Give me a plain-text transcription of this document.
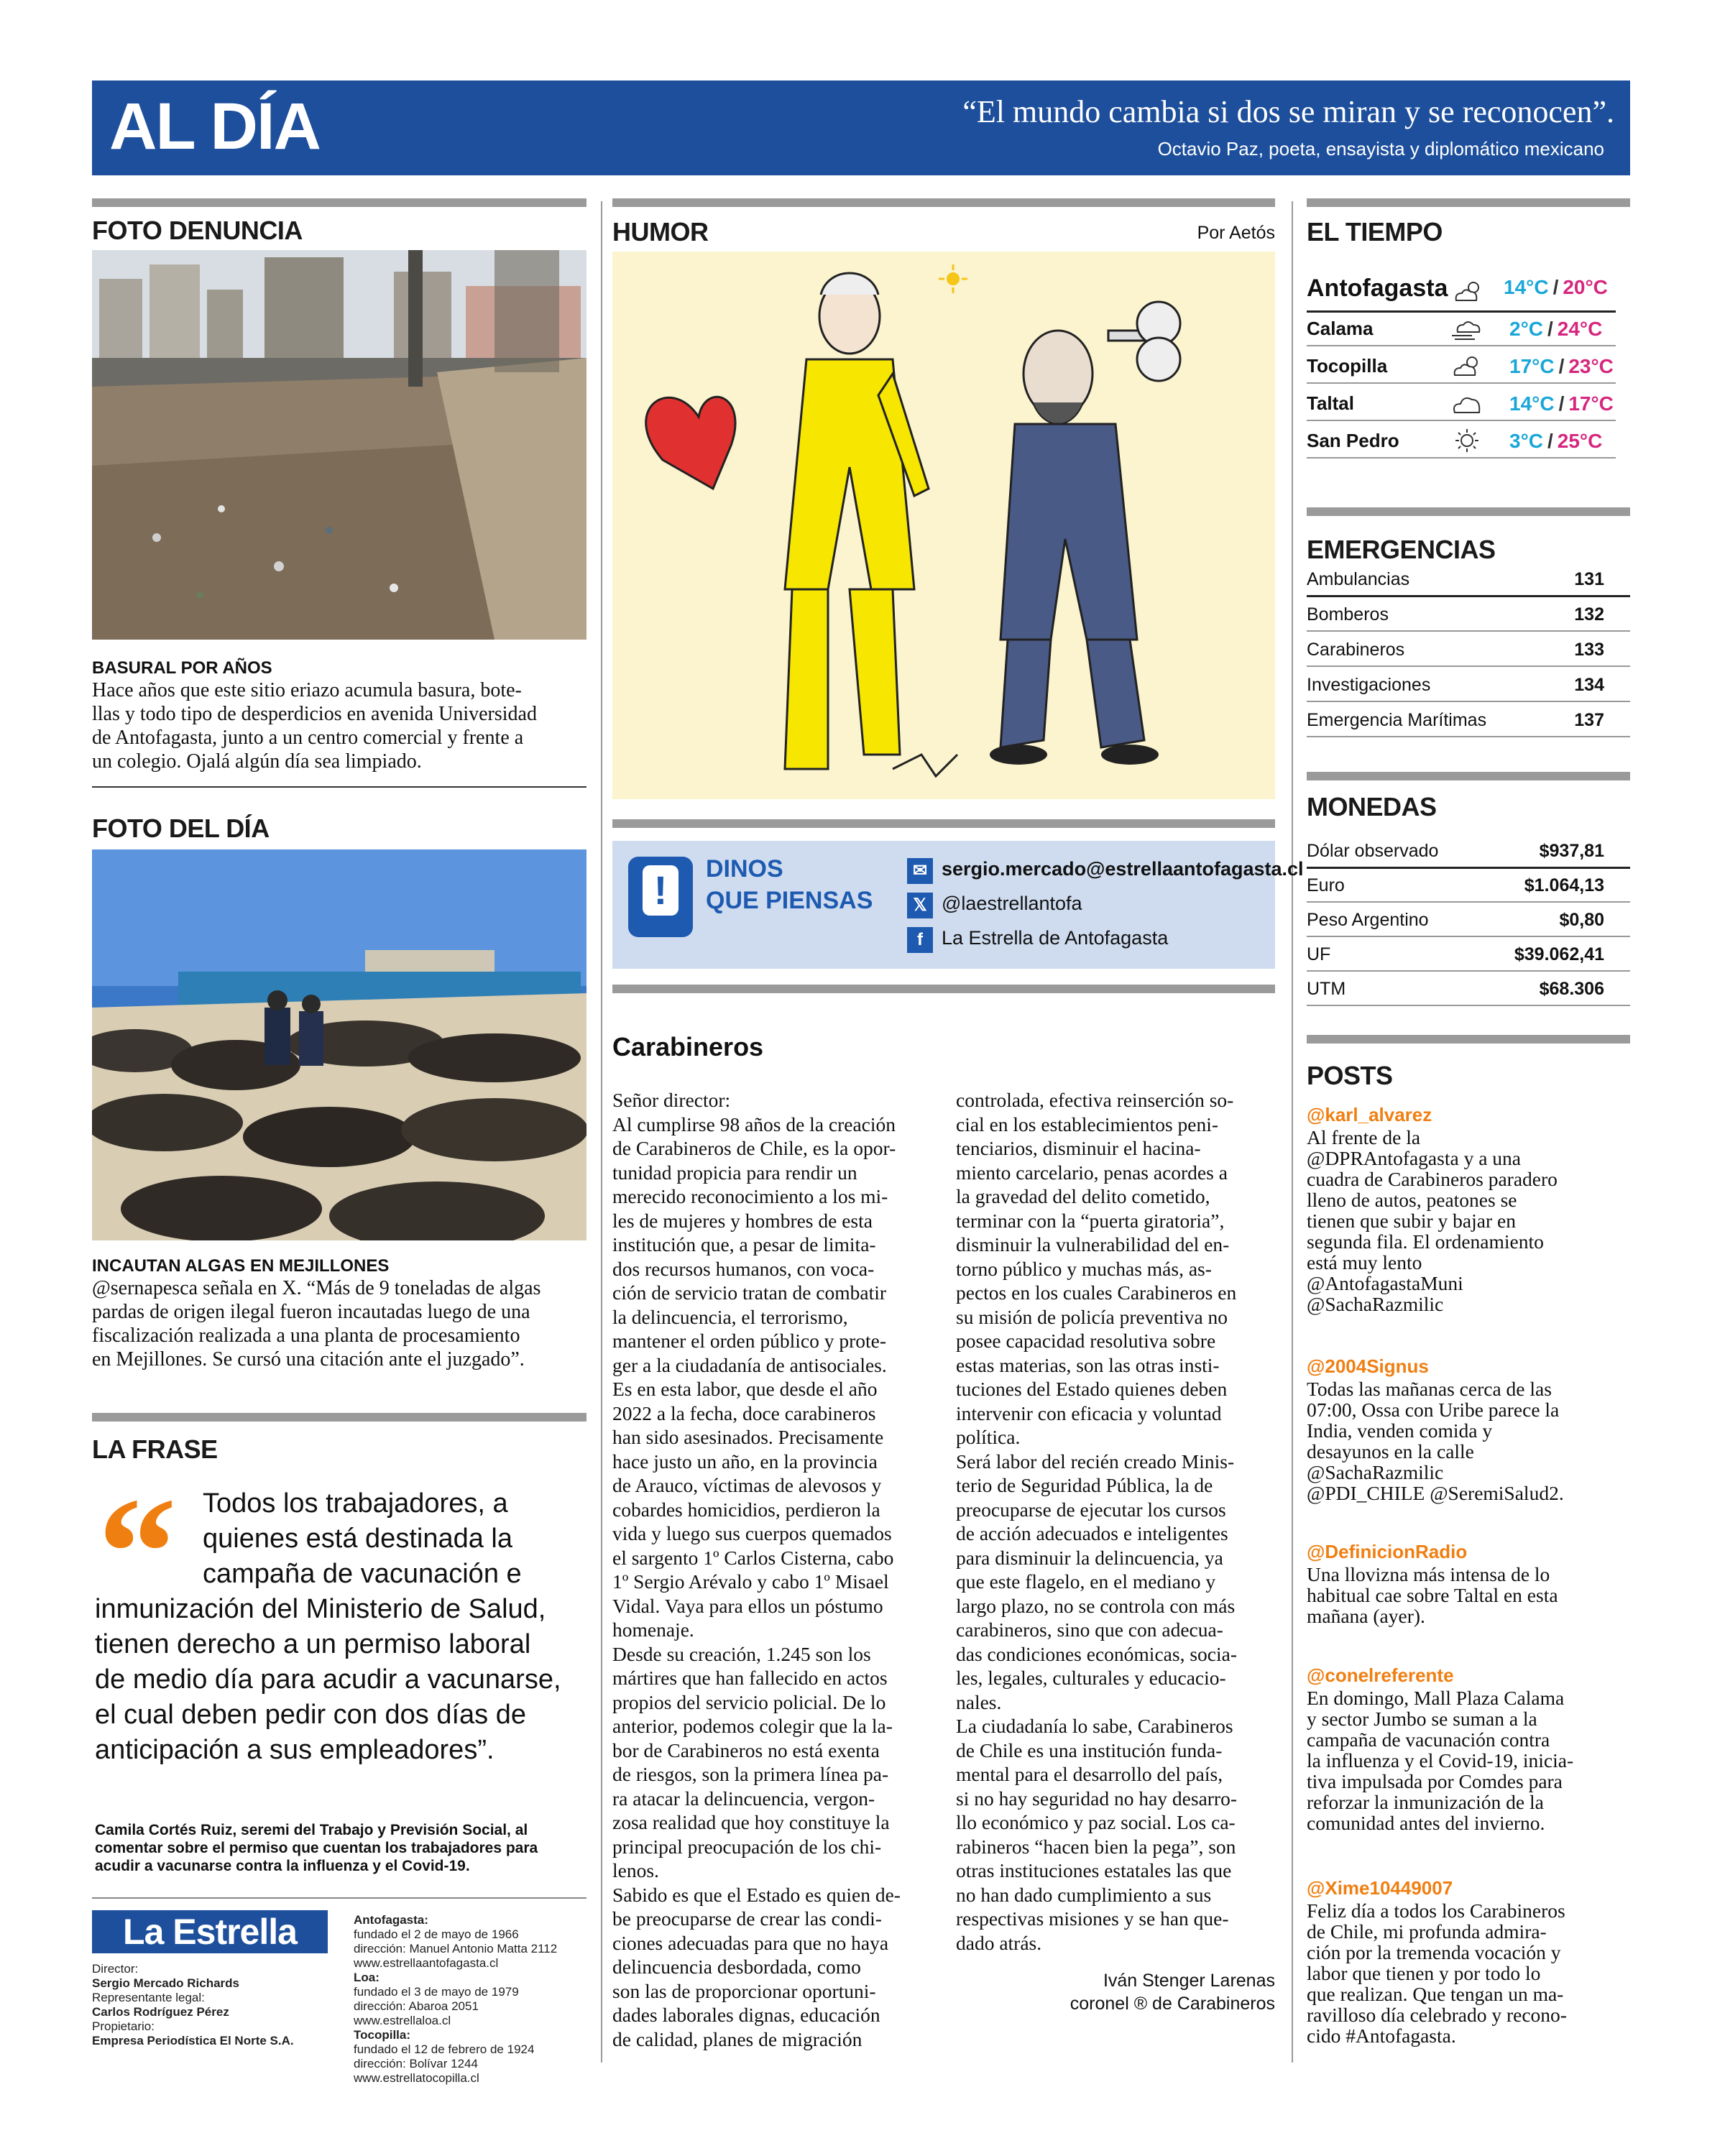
AL DÍA	“El mundo cambia si dos se miran y se reconocen”.
Octavio Paz, poeta, ensayista y diplomático mexicano
FOTO DENUNCIA
BASURAL POR AÑOS
Hace años que este sitio eriazo acumula basura, bote-
llas y todo tipo de desperdicios en avenida Universidad
de Antofagasta, junto a un centro comercial y frente a
un colegio. Ojalá algún día sea limpiado.
FOTO DEL DÍA
INCAUTAN ALGAS EN MEJILLONES
@sernapesca señala en X. “Más de 9 toneladas de algas
pardas de origen ilegal fueron incautadas luego de una
fiscalización realizada a una planta de procesamiento
en Mejillones. Se cursó una citación ante el juzgado”.
LA FRASE
“ Todos los trabajadores, a
quienes está destinada la
campaña de vacunación e
inmunización del Ministerio de Salud,
tienen derecho a un permiso laboral
de medio día para acudir a vacunarse,
el cual deben pedir con dos días de
anticipación a sus empleadores”.
Camila Cortés Ruiz, seremi del Trabajo y Previsión Social, al
comentar sobre el permiso que cuentan los trabajadores para
acudir a vacunarse contra la influenza y el Covid-19.
La Estrella
Director:
Sergio Mercado Richards
Representante legal:
Carlos Rodríguez Pérez
Propietario:
Empresa Periodística El Norte S.A.
Antofagasta:
fundado el 2 de mayo de 1966
dirección: Manuel Antonio Matta 2112
www.estrellaantofagasta.cl
Loa:
fundado el 3 de mayo de 1979
dirección: Abaroa 2051
www.estrellaloa.cl
Tocopilla:
fundado el 12 de febrero de 1924
dirección: Bolívar 1244
www.estrellatocopilla.cl
HUMOR	Por Aetós
!	DINOS
QUE PIENSAS
✉ sergio.mercado@estrellaantofagasta.cl
𝕏 @laestrellantofa
f La Estrella de Antofagasta
Carabineros
Señor director:
Al cumplirse 98 años de la creación
de Carabineros de Chile, es la opor-
tunidad propicia para rendir un
merecido reconocimiento a los mi-
les de mujeres y hombres de esta
institución que, a pesar de limita-
dos recursos humanos, con voca-
ción de servicio tratan de combatir
la delincuencia, el terrorismo,
mantener el orden público y prote-
ger a la ciudadanía de antisociales.
Es en esta labor, que desde el año
2022 a la fecha, doce carabineros
han sido asesinados. Precisamente
hace justo un año, en la provincia
de Arauco, víctimas de alevosos y
cobardes homicidios, perdieron la
vida y luego sus cuerpos quemados
el sargento 1º Carlos Cisterna, cabo
1º Sergio Arévalo y cabo 1º Misael
Vidal. Vaya para ellos un póstumo
homenaje.
Desde su creación, 1.245 son los
mártires que han fallecido en actos
propios del servicio policial. De lo
anterior, podemos colegir que la la-
bor de Carabineros no está exenta
de riesgos, son la primera línea pa-
ra atacar la delincuencia, vergon-
zosa realidad que hoy constituye la
principal preocupación de los chi-
lenos.
Sabido es que el Estado es quien de-
be preocuparse de crear las condi-
ciones adecuadas para que no haya
delincuencia desbordada, como
son las de proporcionar oportuni-
dades laborales dignas, educación
de calidad, planes de migración
controlada, efectiva reinserción so-
cial en los establecimientos peni-
tenciarios, disminuir el hacina-
miento carcelario, penas acordes a
la gravedad del delito cometido,
terminar con la “puerta giratoria”,
disminuir la vulnerabilidad del en-
torno público y muchas más, as-
pectos en los cuales Carabineros en
su misión de policía preventiva no
posee capacidad resolutiva sobre
estas materias, son las otras insti-
tuciones del Estado quienes deben
intervenir con eficacia y voluntad
política.
Será labor del recién creado Minis-
terio de Seguridad Pública, la de
preocuparse de ejecutar los cursos
de acción adecuados e inteligentes
para disminuir la delincuencia, ya
que este flagelo, en el mediano y
largo plazo, no se controla con más
carabineros, sino que con adecua-
das condiciones económicas, socia-
les, legales, culturales y educacio-
nales.
La ciudadanía lo sabe, Carabineros
de Chile es una institución funda-
mental para el desarrollo del país,
si no hay seguridad no hay desarro-
llo económico y paz social. Los ca-
rabineros “hacen bien la pega”, son
otras instituciones estatales las que
no han dado cumplimiento a sus
respectivas misiones y se han que-
dado atrás.
Iván Stenger Larenas
coronel ® de Carabineros
EL TIEMPO
Antofagasta	14°C / 20°C
Calama	2°C / 24°C
Tocopilla	17°C / 23°C
Taltal	14°C / 17°C
San Pedro	3°C / 25°C
EMERGENCIAS
Ambulancias	131
Bomberos	132
Carabineros	133
Investigaciones	134
Emergencia Marítimas	137
MONEDAS
Dólar observado	$937,81
Euro	$1.064,13
Peso Argentino	$0,80
UF	$39.062,41
UTM	$68.306
POSTS
@karl_alvarez
Al frente de la
@DPRAntofagasta y a una
cuadra de Carabineros paradero
lleno de autos, peatones se
tienen que subir y bajar en
segunda fila. El ordenamiento
está muy lento
@AntofagastaMuni
@SachaRazmilic
@2004Signus
Todas las mañanas cerca de las
07:00, Ossa con Uribe parece la
India, venden comida y
desayunos en la calle
@SachaRazmilic
@PDI_CHILE @SeremiSalud2.
@DefinicionRadio
Una llovizna más intensa de lo
habitual cae sobre Taltal en esta
mañana (ayer).
@conelreferente
En domingo, Mall Plaza Calama
y sector Jumbo se suman a la
campaña de vacunación contra
la influenza y el Covid-19, inicia-
tiva impulsada por Comdes para
reforzar la inmunización de la
comunidad antes del invierno.
@Xime10449007
Feliz día a todos los Carabineros
de Chile, mi profunda admira-
ción por la tremenda vocación y
labor que tienen y por todo lo
que realizan. Que tengan un ma-
ravilloso día celebrado y recono-
cido #Antofagasta.
